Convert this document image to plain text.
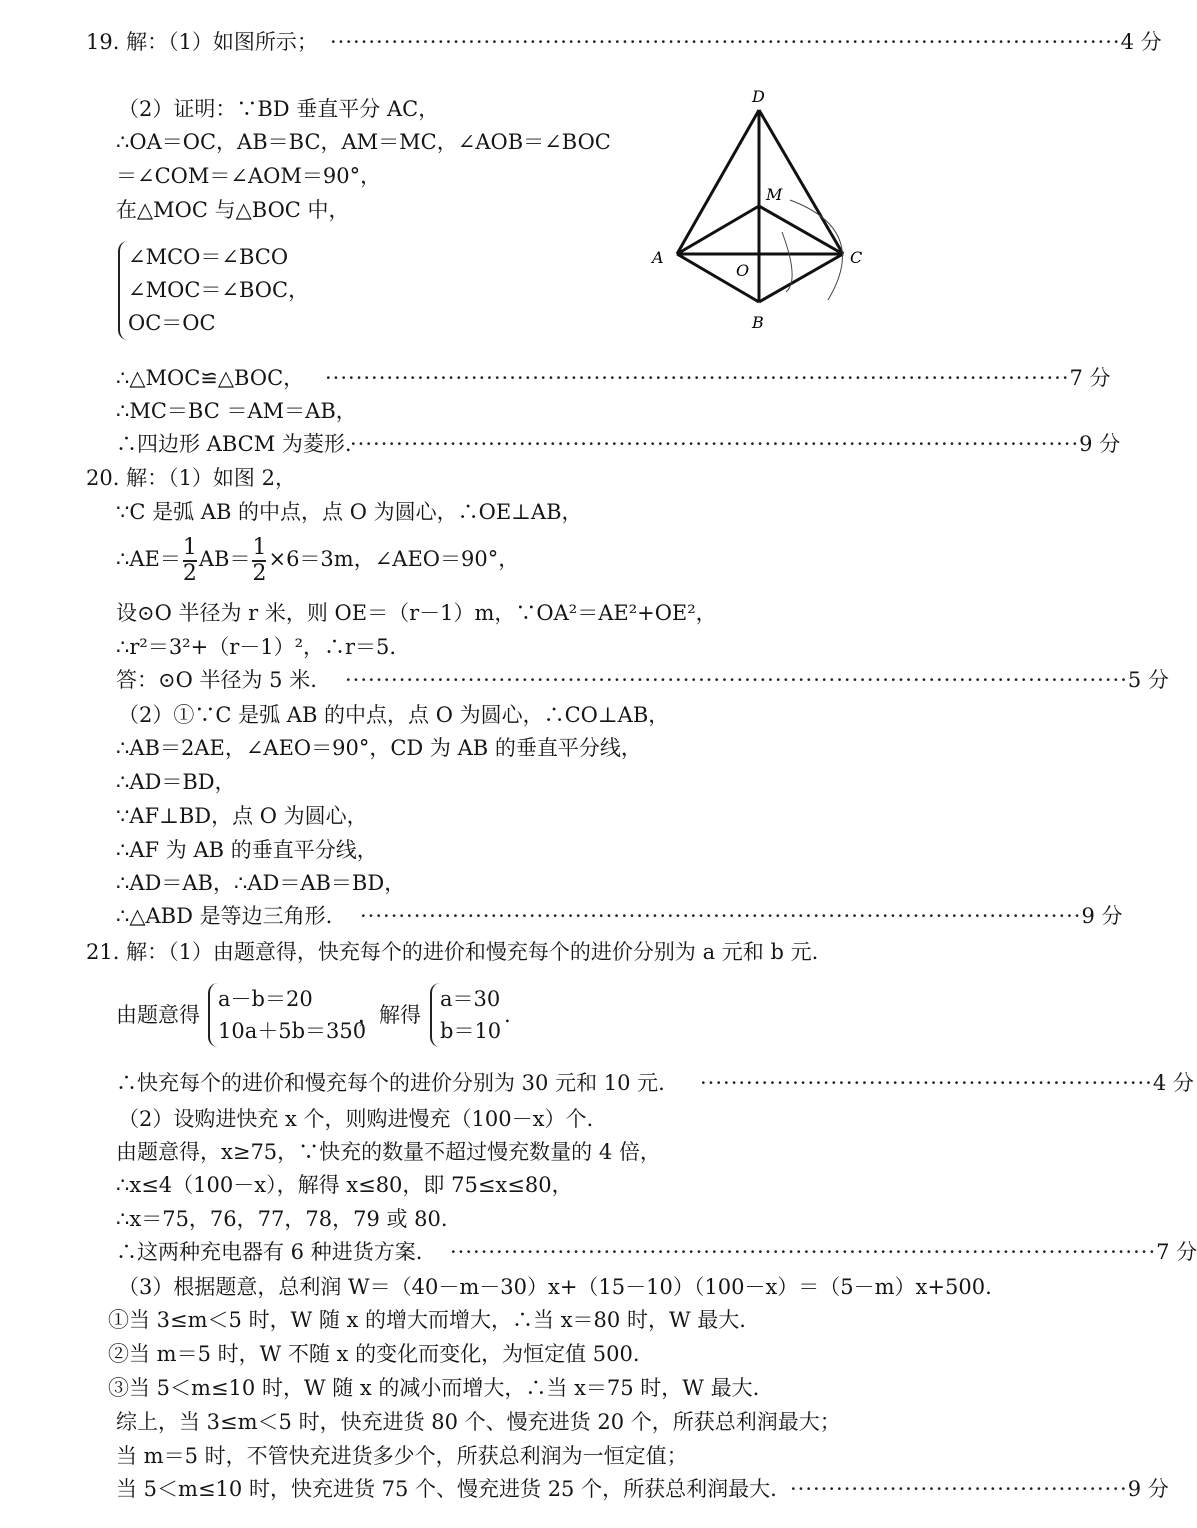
19. 解：（1）如图所示； ·······································································································4 分
（2）证明：∵BD 垂直平分 AC，
∴OA＝OC，AB＝BC，AM＝MC，∠AOB＝∠BOC
＝∠COM＝∠AOM＝90°，
在△MOC 与△BOC 中，
∠MCO＝∠BCO
∠MOC＝∠BOC，
OC＝OC
D
M
A
O
C
B
∴△MOC≌△BOC， ·································································································7 分
∴MC＝BC ＝AM＝AB，
∴四边形 ABCM 为菱形.
·······························································································9 分
20. 解：（1）如图 2，
∵C 是弧 AB 的中点，点 O 为圆心，∴OE⊥AB，
∴AE＝ $\frac{1}{2} AB= \frac{1}{2} \times 6=3m$，∠AEO＝90°，
设⊙O 半径为 r 米，则 OE＝（r－1）m，∵OA²＝AE²+OE²，
∴r²＝3²+（r－1）²，∴r＝5.
答：⊙O 半径为 5 米. ······································································································5 分
（2）①∵C 是弧 AB 的中点，点 O 为圆心，∴CO⊥AB，
∴AB＝2AE，∠AEO＝90°，CD 为 AB 的垂直平分线，
∴AD＝BD，
∵AF⊥BD，点 O 为圆心，
∴AF 为 AB 的垂直平分线，
∴AD＝AB，∴AD＝AB＝BD，
∴△ABD 是等边三角形. ······························································································9 分
21. 解：（1）由题意得，快充每个的进价和慢充每个的进价分别为 a 元和 b 元.
由题意得
a－b＝20
10a＋5b＝350
，解得
a＝30
b＝10
.
∴快充每个的进价和慢充每个的进价分别为 30 元和 10 元. ···························································4 分
（2）设购进快充 x 个，则购进慢充（100－x）个.
由题意得，x≥75，∵快充的数量不超过慢充数量的 4 倍，
∴x≤4（100－x），解得 x≤80，即 75≤x≤80，
∴x＝75，76，77，78，79 或 80.
∴这两种充电器有 6 种进货方案. ····························································································7 分
（3）根据题意，总利润 W＝（40－m－30）x+（15－10）（100－x）＝（5－m）x+500.
①当 3≤m＜5 时，W 随 x 的增大而增大，∴当 x＝80 时，W 最大.
②当 m＝5 时，W 不随 x 的变化而变化，为恒定值 500.
③当 5＜m≤10 时，W 随 x 的减小而增大，∴当 x＝75 时，W 最大.
综上，当 3≤m＜5 时，快充进货 80 个、慢充进货 20 个，所获总利润最大；
当 m＝5 时，不管快充进货多少个，所获总利润为一恒定值；
当 5＜m≤10 时，快充进货 75 个、慢充进货 25 个，所获总利润最大. ············································9 分
